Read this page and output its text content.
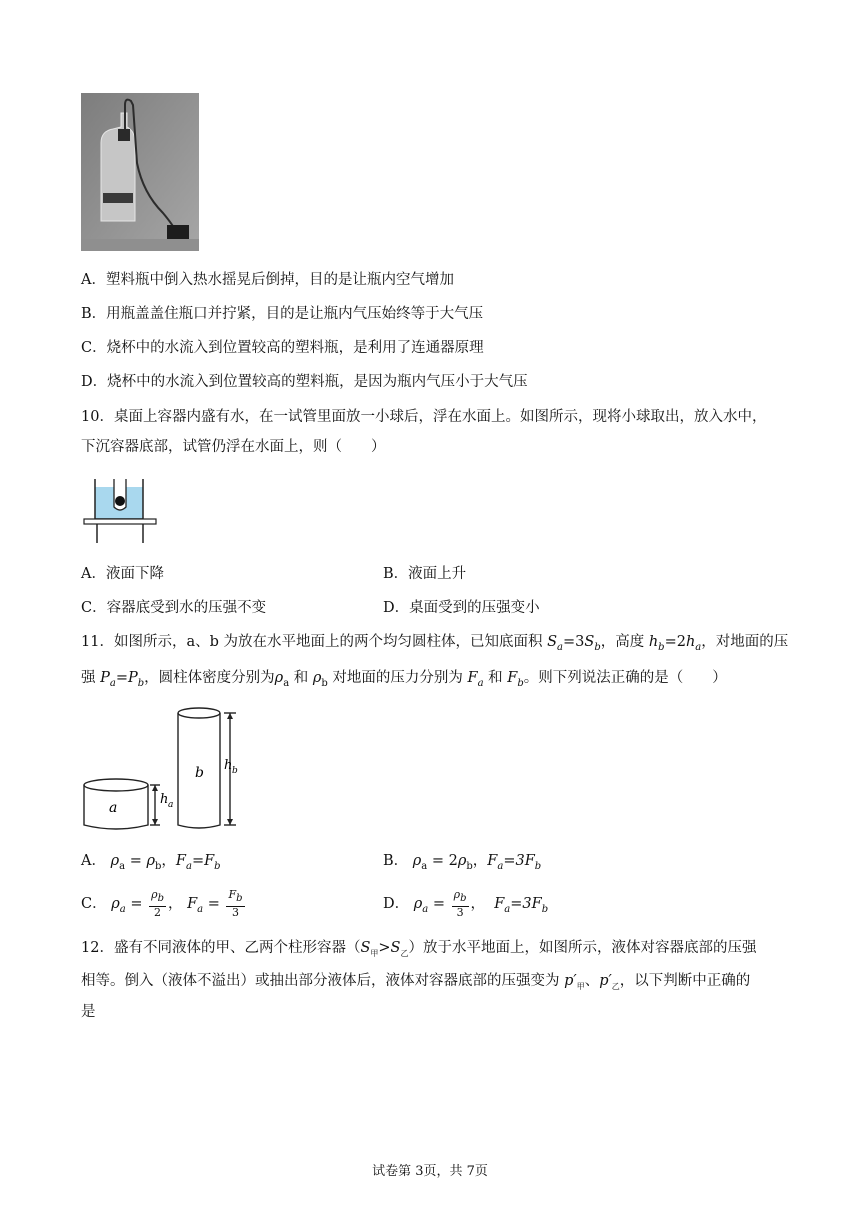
A．塑料瓶中倒入热水摇晃后倒掉，目的是让瓶内空气增加
B．用瓶盖盖住瓶口并拧紧，目的是让瓶内气压始终等于大气压
C．烧杯中的水流入到位置较高的塑料瓶，是利用了连通器原理
D．烧杯中的水流入到位置较高的塑料瓶，是因为瓶内气压小于大气压
10．桌面上容器内盛有水，在一试管里面放一小球后，浮在水面上。如图所示，现将小球取出，放入水中，
下沉容器底部，试管仍浮在水面上，则（　　）
A．液面下降	B．液面上升
C．容器底受到水的压强不变	D．桌面受到的压强变小
11．如图所示，a、b 为放在水平地面上的两个均匀圆柱体，已知底面积 $S_a=3S_b$，高度 $h_b=2h_a$，对地面的压
强 $P_a=P_b$，圆柱体密度分别为$\rho_a$ 和 $\rho_b$ 对地面的压力分别为 $F_a$ 和 $F_b$。则下列说法正确的是（　　）
a
b
h a
h b
A． $\rho_a = \rho_b$，$F_a=F_b$	B． $\rho_a = 2\rho_b$，$F_a=3F_b$
C． $\rho_a = \frac{\rho_b}{2}$ ， $F_a = \frac{F_b}{3}$	D． $\rho_a = \frac{\rho_b}{3}$ ，  $F_a=3F_b$
12．盛有不同液体的甲、乙两个柱形容器$(S_甲>S_乙)$放于水平地面上，如图所示，液体对容器底部的压强
相等。倒入（液体不溢出）或抽出部分液体后，液体对容器底部的压强变为 $p'_甲$、$p'_乙$，以下判断中正确的
是
试卷第 3页，共 7页
